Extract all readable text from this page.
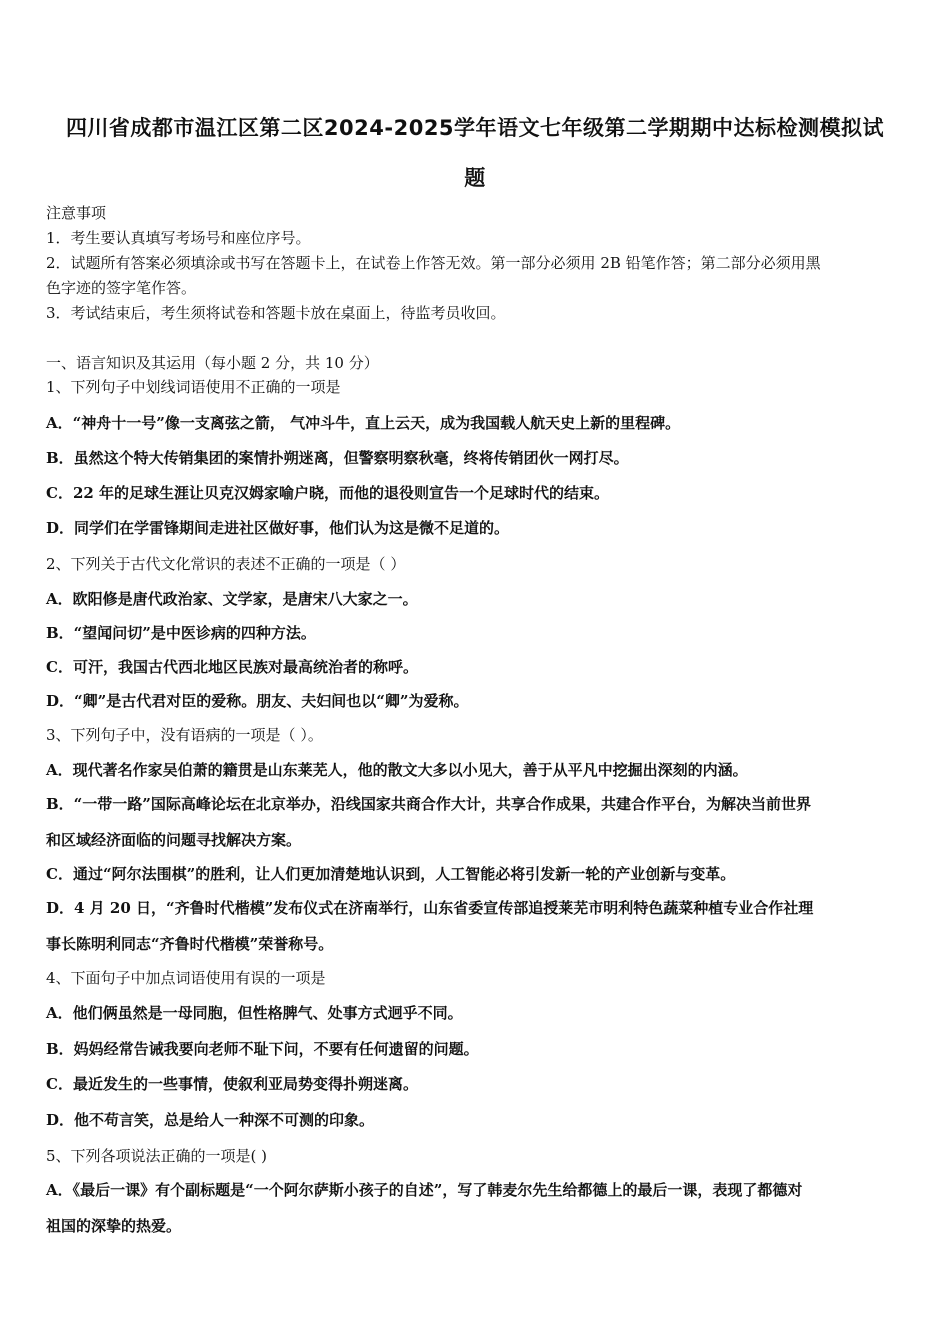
四川省成都市温江区第二区2024-2025学年语文七年级第二学期期中达标检测模拟试
题
注意事项
1．考生要认真填写考场号和座位序号。
2．试题所有答案必须填涂或书写在答题卡上，在试卷上作答无效。第一部分必须用 2B 铅笔作答；第二部分必须用黑
色字迹的签字笔作答。
3．考试结束后，考生须将试卷和答题卡放在桌面上，待监考员收回。
一、语言知识及其运用（每小题 2 分，共 10 分）
1、下列句子中划线词语使用不正确的一项是
A．“神舟十一号”像一支离弦之箭， 气冲斗牛，直上云天，成为我国载人航天史上新的里程碑。
B．虽然这个特大传销集团的案情扑朔迷离，但警察明察秋毫，终将传销团伙一网打尽。
C．22 年的足球生涯让贝克汉姆家喻户晓，而他的退役则宣告一个足球时代的结束。
D．同学们在学雷锋期间走进社区做好事，他们认为这是微不足道的。
2、下列关于古代文化常识的表述不正确的一项是（ ）
A．欧阳修是唐代政治家、文学家，是唐宋八大家之一。
B．“望闻问切”是中医诊病的四种方法。
C．可汗，我国古代西北地区民族对最高统治者的称呼。
D．“卿”是古代君对臣的爱称。朋友、夫妇间也以“卿”为爱称。
3、下列句子中，没有语病的一项是（ ）。
A．现代著名作家吴伯萧的籍贯是山东莱芜人，他的散文大多以小见大，善于从平凡中挖掘出深刻的内涵。
B．“一带一路”国际高峰论坛在北京举办，沿线国家共商合作大计，共享合作成果，共建合作平台，为解决当前世界
和区域经济面临的问题寻找解决方案。
C．通过“阿尔法围棋”的胜利，让人们更加清楚地认识到，人工智能必将引发新一轮的产业创新与变革。
D．4 月 20 日，“齐鲁时代楷模”发布仪式在济南举行，山东省委宣传部追授莱芜市明利特色蔬菜种植专业合作社理
事长陈明利同志“齐鲁时代楷模”荣誉称号。
4、下面句子中加点词语使用有误的一项是
A．他们俩虽然是一母同胞，但性格脾气、处事方式迥乎不同。
B．妈妈经常告诫我要向老师不耻下问，不要有任何遗留的问题。
C．最近发生的一些事情，使叙利亚局势变得扑朔迷离。
D．他不苟言笑，总是给人一种深不可测的印象。
5、下列各项说法正确的一项是( )
A．《最后一课》有个副标题是“一个阿尔萨斯小孩子的自述”，写了韩麦尔先生给都德上的最后一课，表现了都德对
祖国的深挚的热爱。
